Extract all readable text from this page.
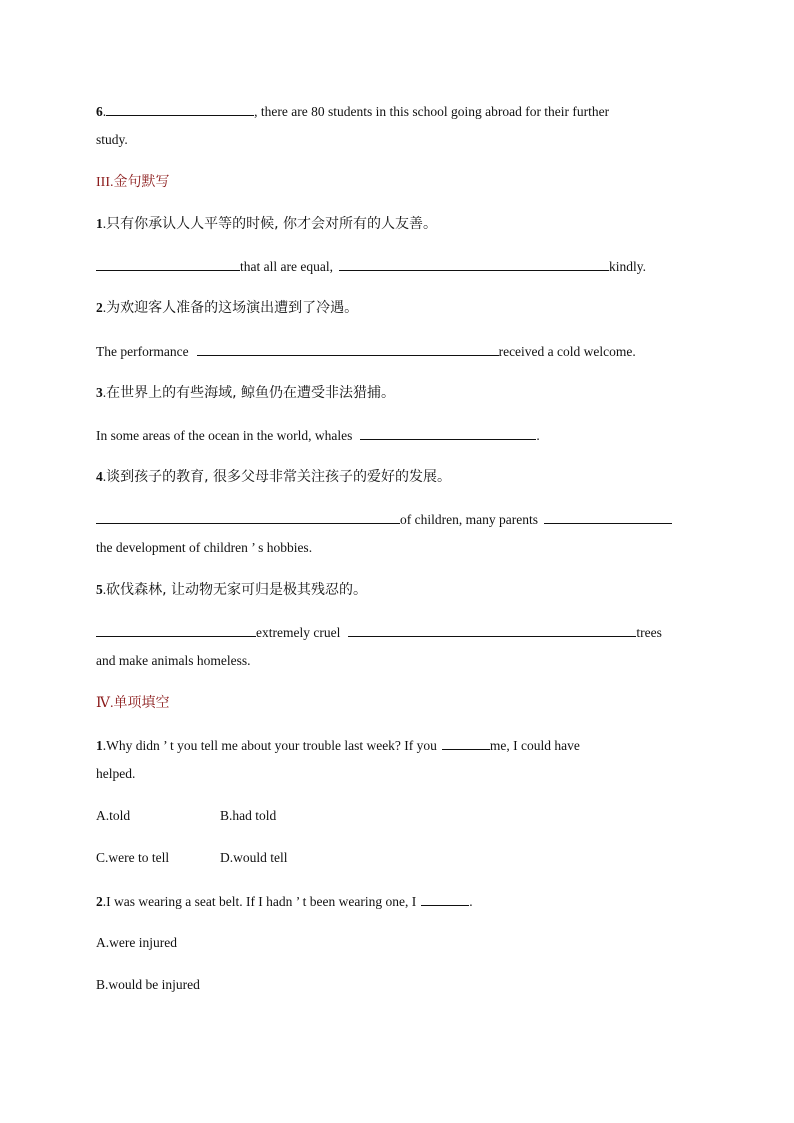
6.	, there are 80 students in this school going abroad for their further
study.
III.金句默写
1.只有你承认人人平等的时候, 你才会对所有的人友善。
that all are equal,	kindly.
2.为欢迎客人准备的这场演出遭到了冷遇。
The performance	received a cold welcome.
3.在世界上的有些海域, 鲸鱼仍在遭受非法猎捕。
In some areas of the ocean in the world, whales	.
4.谈到孩子的教育, 很多父母非常关注孩子的爱好的发展。
of children, many parents
the development of children ’ s hobbies.
5.砍伐森林, 让动物无家可归是极其残忍的。
extremely cruel	trees
and make animals homeless.
Ⅳ.单项填空
1.Why didn ’ t you tell me about your trouble last week? If you	me, I could have
helped.
A.told	B.had told
C.were to tell	D.would tell
2.I was wearing a seat belt. If I hadn ’ t been wearing one, I	.
A.were injured
B.would be injured
